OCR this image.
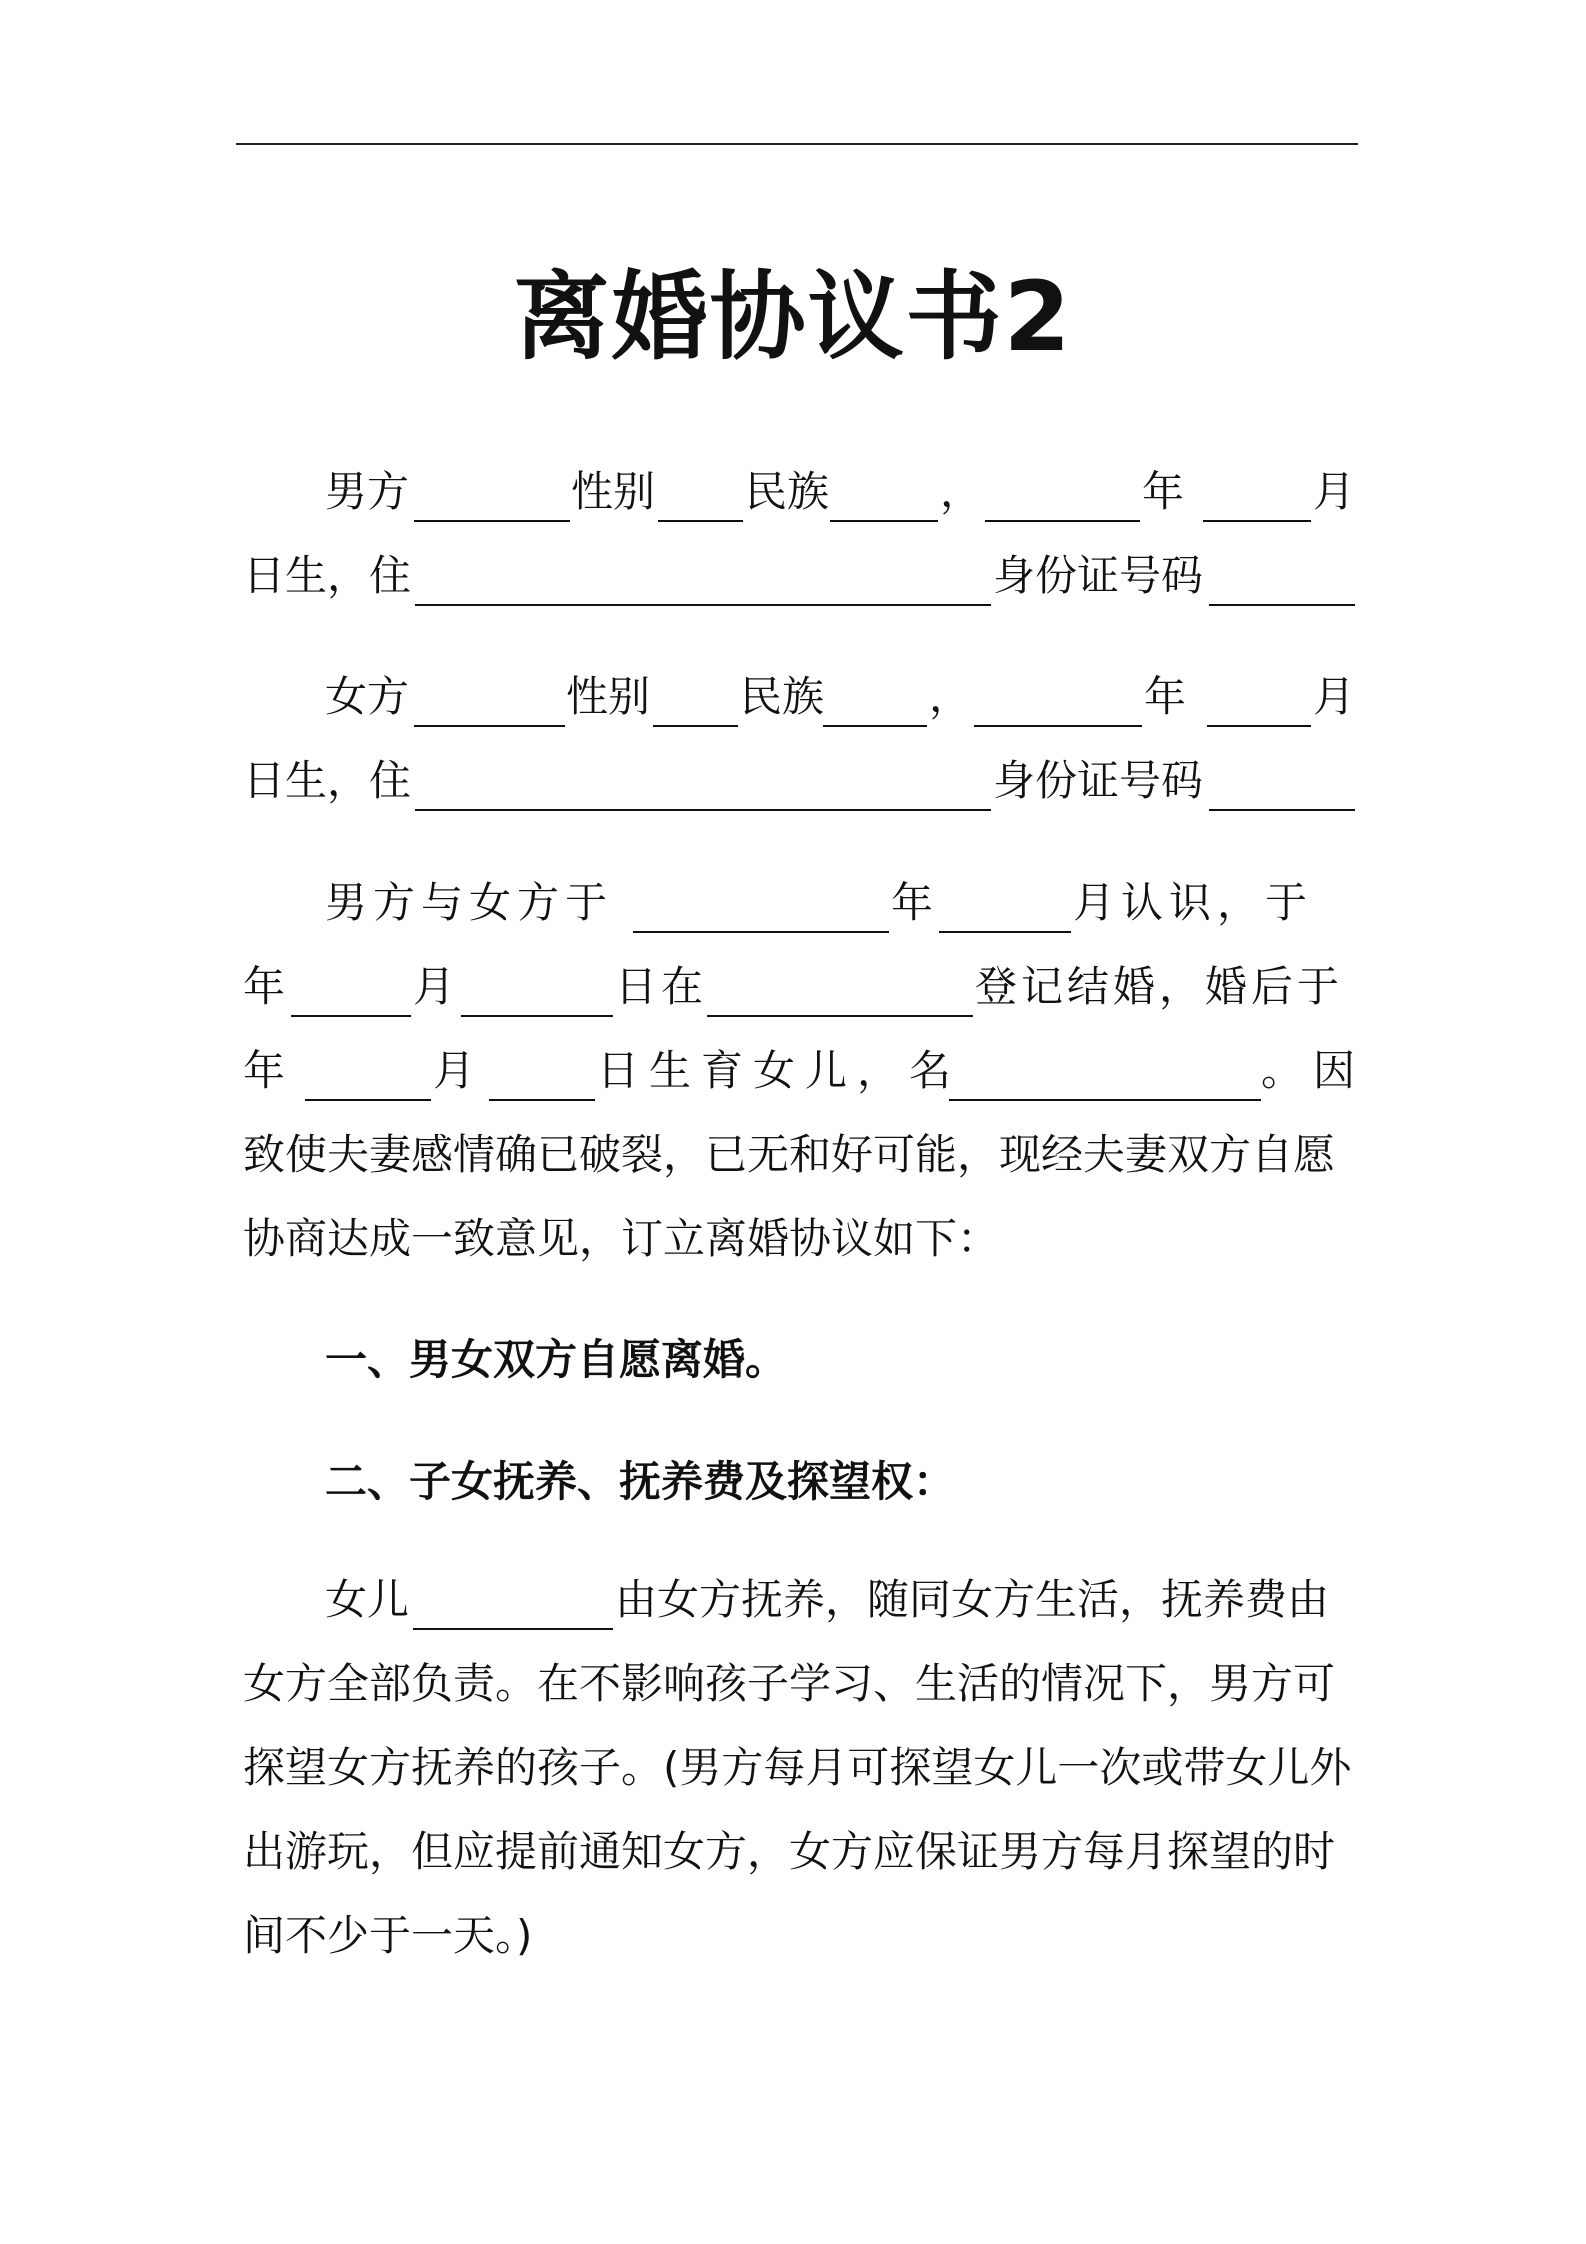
离婚协议书2
男方	性别 民族	，	年	月
日生，住	身份证号码
女方	性别 民族 ，	年	月
日生，住	身份证号码
男方与女方于	年	月认识，于
年	月	日在	登记结婚，婚后于
年	月	日生育女儿，名	。因

致使夫妻感情确已破裂，已无和好可能，现经夫妻双方自愿

协商达成一致意见，订立离婚协议如下：

一、男女双方自愿离婚。
二、子女抚养、抚养费及探望权：
女儿	由女方抚养，随同女方生活，抚养费由

女方全部负责。在不影响孩子学习、生活的情况下，男方可

探望女方抚养的孩子。(男方每月可探望女儿一次或带女儿外

出游玩，但应提前通知女方，女方应保证男方每月探望的时

间不少于一天。)
